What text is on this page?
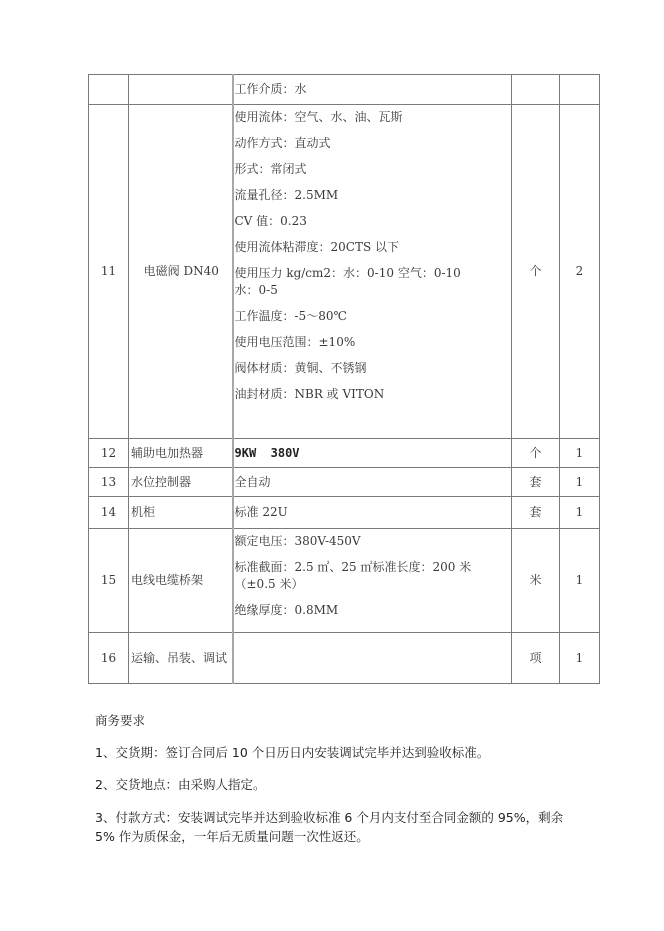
		工作介质：水		
11	电磁阀 DN40	
使用流体：空气、水、油、瓦斯
动作方式：直动式
形式：常闭式
流量孔径：2.5MM
CV 值：0.23
使用流体粘滞度：20CTS 以下
使用压力 kg/cm2：水：0-10 空气：0-10 水：0-5
工作温度：-5～80℃
使用电压范围：±10%
阀体材质：黄铜、不锈钢
油封材质：NBR 或 VITON
	个	2
12	辅助电加热器	9KW  380V	个	1
13	水位控制器	全自动	套	1
14	机柜	标准 22U	套	1
15	电线电缆桥架	额定电压：380V-450V
标准截面：2.5 ㎡、25 ㎡标准长度：200 米（±0.5 米）
绝缘厚度：0.8MM	米	1
16	运输、吊装、调试		项	1
商务要求
1、交货期：签订合同后 10 个日历日内安装调试完毕并达到验收标准。
2、交货地点：由采购人指定。
3、付款方式：安装调试完毕并达到验收标准 6 个月内支付至合同金额的 95%，剩余 5% 作为质保金，一年后无质量问题一次性返还。
